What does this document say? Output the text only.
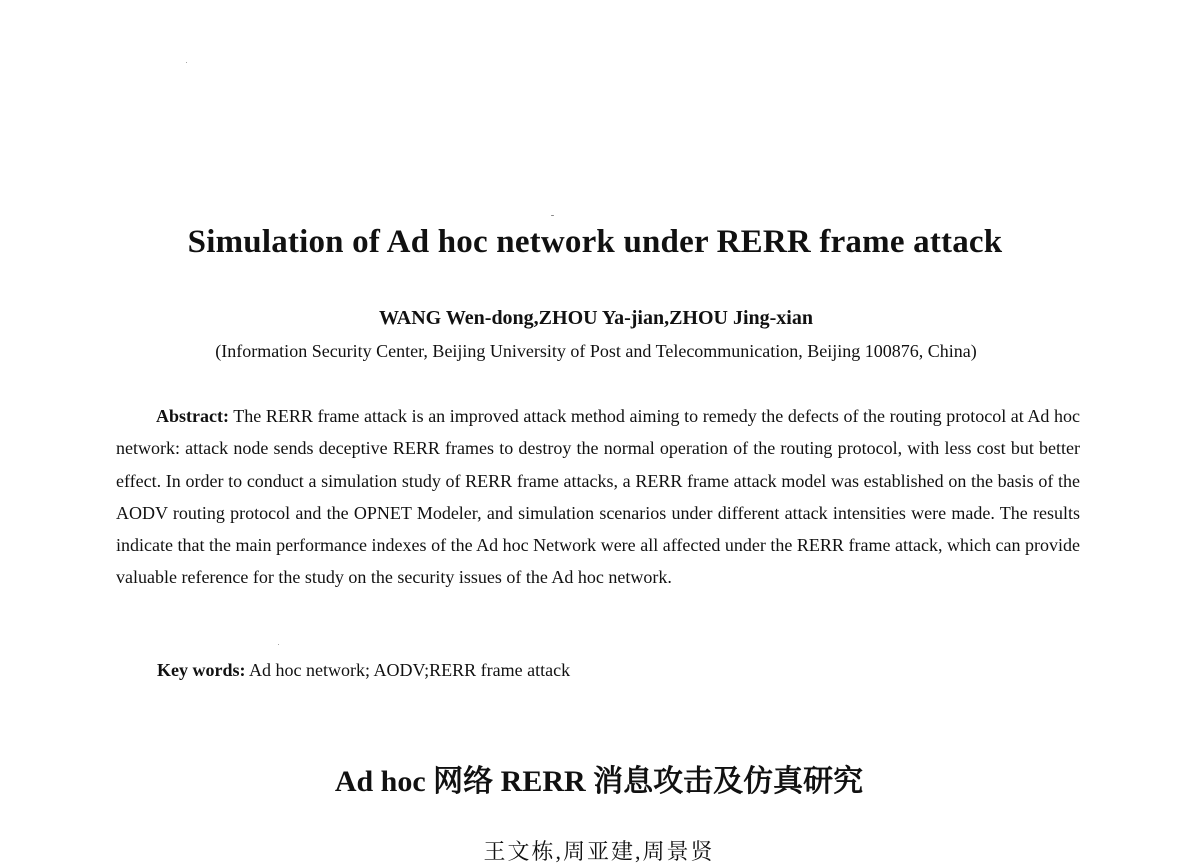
Simulation of Ad hoc network under RERR frame attack

WANG Wen-dong,ZHOU Ya-jian,ZHOU Jing-xian

(Information Security Center, Beijing University of Post and Telecommunication, Beijing 100876, China)

Abstract: The RERR frame attack is an improved attack method aiming to remedy the defects of the routing protocol at Ad hoc network: attack node sends deceptive RERR frames to destroy the normal operation of the routing protocol, with less cost but better effect. In order to conduct a simulation study of RERR frame attacks, a RERR frame attack model was established on the basis of the AODV routing protocol and the OPNET Modeler, and simulation scenarios under different attack intensities were made. The results indicate that the main performance indexes of the Ad hoc Network were all affected under the RERR frame attack, which can provide valuable reference for the study on the security issues of the Ad hoc network.

Key words: Ad hoc network; AODV;RERR frame attack

Ad hoc 网络 RERR 消息攻击及仿真研究

王文栋,周亚建,周景贤
